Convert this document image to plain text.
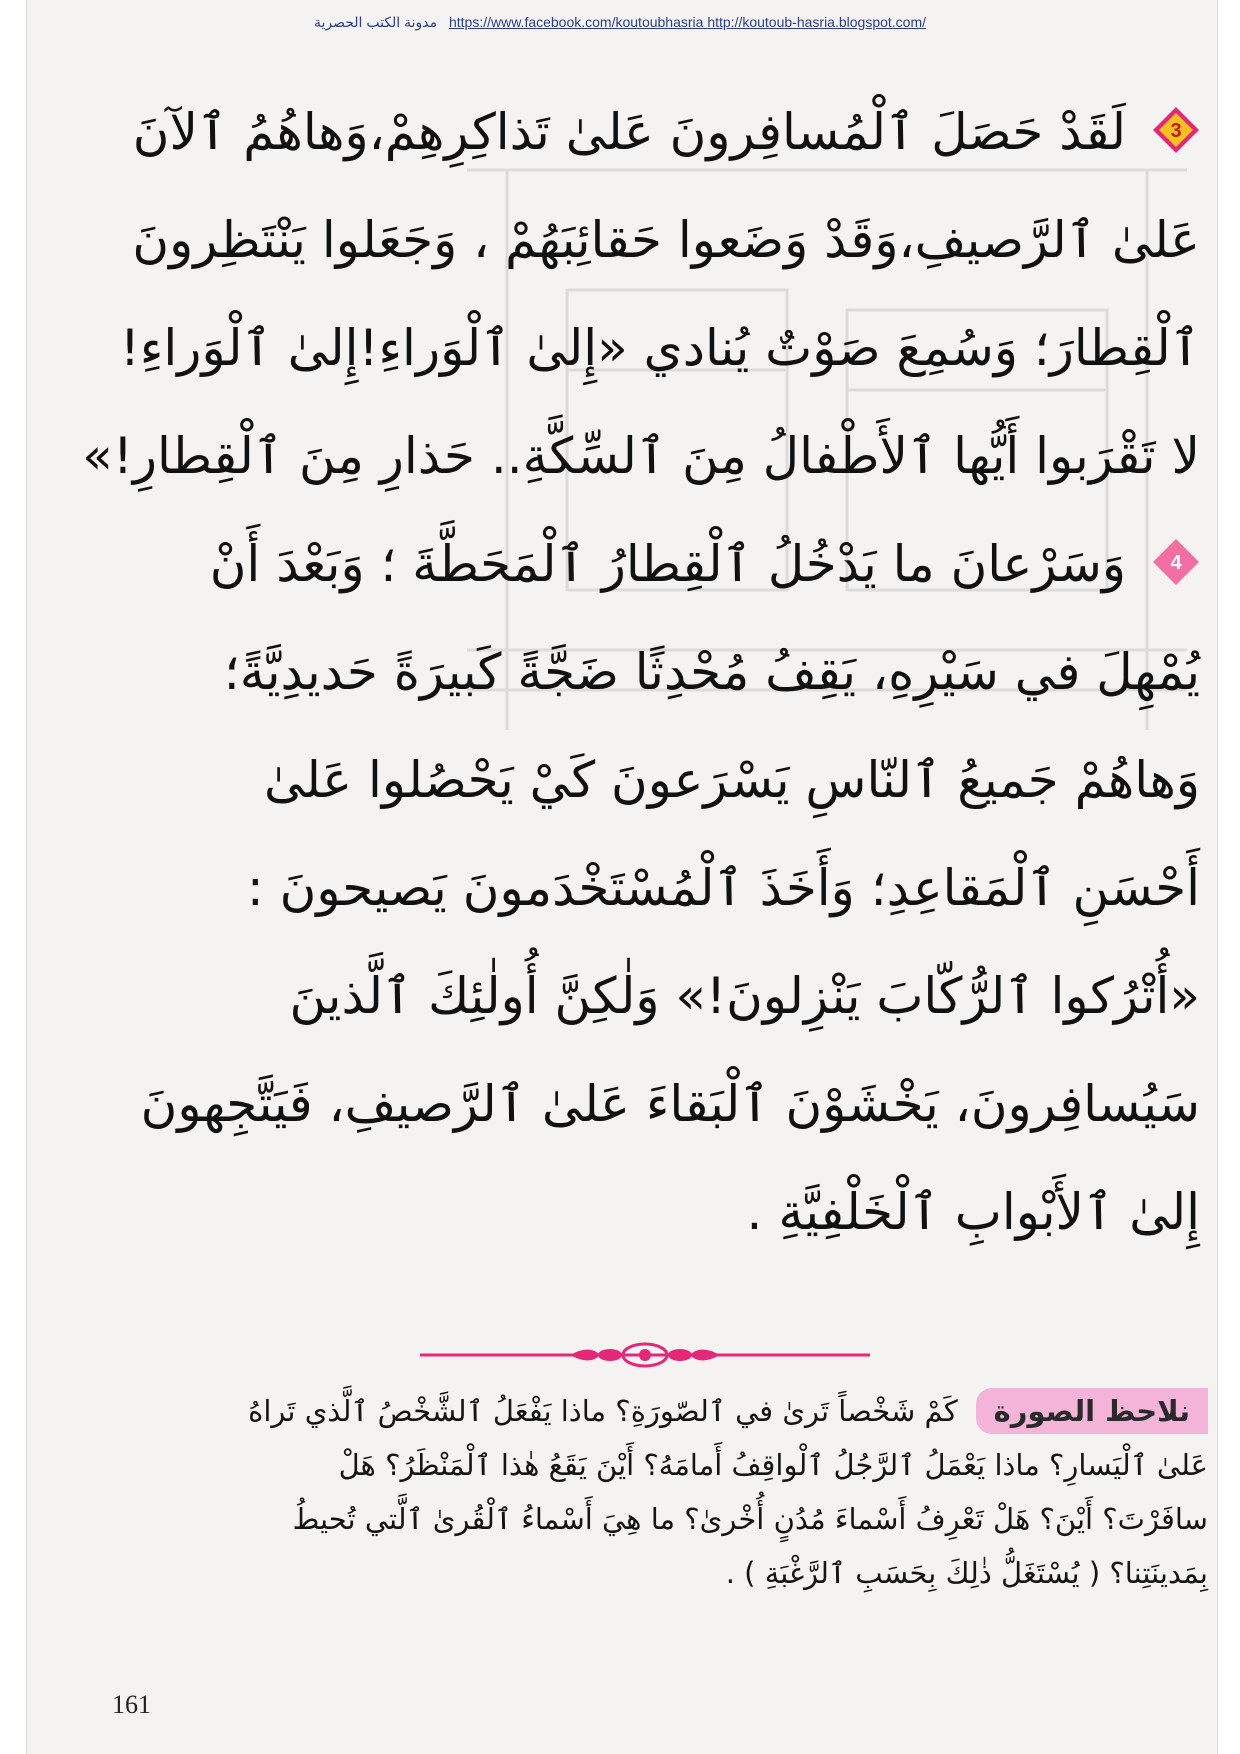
مدونة الكتب الحصرية https://www.facebook.com/koutoubhasria http://koutoub-hasria.blogspot.com/
3
لَقَدْ حَصَلَ ٱلْمُسافِرونَ عَلىٰ تَذاكِرِهِمْ،وَهاهُمُ ٱلآنَ
عَلىٰ ٱلرَّصيفِ،وَقَدْ وَضَعوا حَقائِبَهُمْ ، وَجَعَلوا يَنْتَظِرونَ
ٱلْقِطارَ؛ وَسُمِعَ صَوْتٌ يُنادي «إِلىٰ ٱلْوَراءِ!إِلىٰ ٱلْوَراءِ!
لا تَقْرَبوا أَيُّها ٱلأَطْفالُ مِنَ ٱلسِّكَّةِ.. حَذارِ مِنَ ٱلْقِطارِ!»
4
وَسَرْعانَ ما يَدْخُلُ ٱلْقِطارُ ٱلْمَحَطَّةَ ؛ وَبَعْدَ أَنْ
يُمْهِلَ في سَيْرِهِ، يَقِفُ مُحْدِثًا ضَجَّةً كَبيرَةً حَديدِيَّةً؛
وَهاهُمْ جَميعُ ٱلنّاسِ يَسْرَعونَ كَيْ يَحْصُلوا عَلىٰ
أَحْسَنِ ٱلْمَقاعِدِ؛ وَأَخَذَ ٱلْمُسْتَخْدَمونَ يَصيحونَ :
«أُتْرُكوا ٱلرُّكّابَ يَنْزِلونَ!» وَلٰكِنَّ أُولٰئِكَ ٱلَّذينَ
سَيُسافِرونَ، يَخْشَوْنَ ٱلْبَقاءَ عَلىٰ ٱلرَّصيفِ، فَيَتَّجِهونَ
إِلىٰ ٱلأَبْوابِ ٱلْخَلْفِيَّةِ .
نلاحظ الصورةكَمْ شَخْصاً تَرىٰ في ٱلصّورَةِ؟ ماذا يَفْعَلُ ٱلشَّخْصُ ٱلَّذي تَراهُ
عَلىٰ ٱلْيَسارِ؟ ماذا يَعْمَلُ ٱلرَّجُلُ ٱلْواقِفُ أَمامَهُ؟ أَيْنَ يَقَعُ هٰذا ٱلْمَنْظَرُ؟ هَلْ
سافَرْتَ؟ أَيْنَ؟ هَلْ تَعْرِفُ أَسْماءَ مُدُنٍ أُخْرىٰ؟ ما هِيَ أَسْماءُ ٱلْقُرىٰ ٱلَّتي تُحيطُ
بِمَدينَتِنا؟ ( يُسْتَغَلُّ ذٰلِكَ بِحَسَبِ ٱلرَّغْبَةِ ) .
161
